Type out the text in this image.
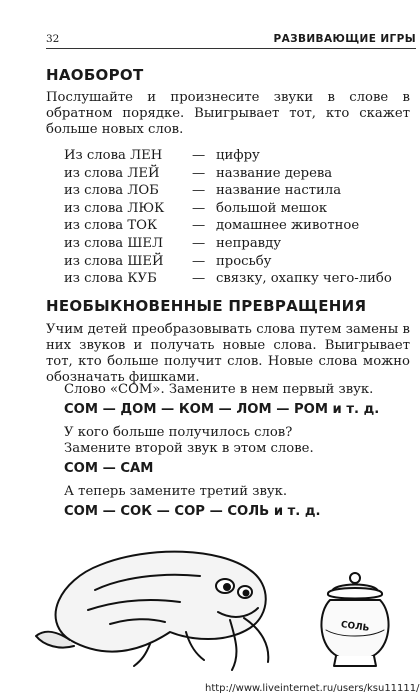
32	РАЗВИВАЮЩИЕ ИГРЫ
НАОБОРОТ

Послушайте и произнесите звуки в слове в обратном порядке. Выигрывает тот, кто скажет больше новых слов.

Из слова ЛЕН — цифру
из слова ЛЕЙ — название дерева
из слова ЛОБ	— название настила
из слова ЛЮК — большой мешок
из слова ТОК	— домашнее животное
из слова ШЕЛ — неправду
из слова ШЕЙ — просьбу
из слова КУБ	— связку, охапку чего-либо
НЕОБЫКНОВЕННЫЕ ПРЕВРАЩЕНИЯ

Учим детей преобразовывать слова путем замены в них звуков и получать новые слова. Выигрывает тот, кто больше получит слов. Новые слова можно обозначать фишками.

Слово «СОМ». Замените в нем первый звук.

СОМ — ДОМ — КОМ — ЛОМ — РОМ и т. д.

У кого больше получилось слов?

Замените второй звук в этом слове.

СОМ — САМ

А теперь замените третий звук.

СОМ — СОК — СОР — СОЛЬ и т. д.

СОЛЬ
http://www.liveinternet.ru/users/ksu11111/
